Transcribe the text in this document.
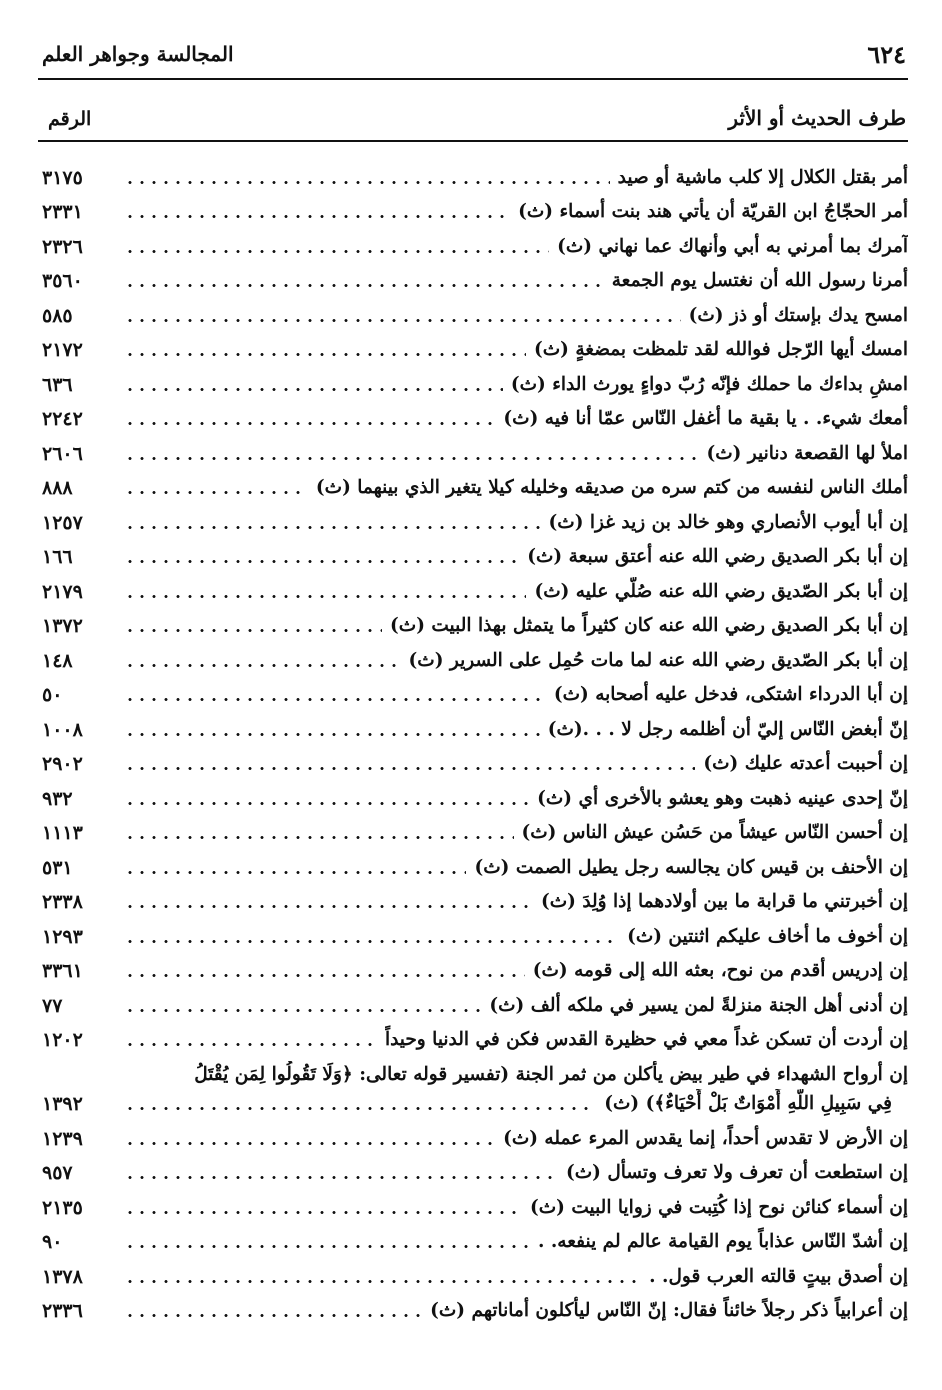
٦٢٤
المجالسة وجواهر العلم
طرف الحديث أو الأثر
الرقم
أمر بقتل الكلال إلا كلب ماشية أو صيد
٣١٧٥
أمر الحجّاجُ ابن القريّة أن يأتي هند بنت أسماء (ث)
٢٣٣١
آمرك بما أمرني به أبي وأنهاك عما نهاني (ث)
٢٣٢٦
أمرنا رسول الله أن نغتسل يوم الجمعة
٣٥٦٠
امسح يدك بإستك أو ذز (ث)
٥٨٥
امسك أيها الرّجل فوالله لقد تلمظت بمضغةٍ (ث)
٢١٧٢
امشِ بداءك ما حملك فإنّه رُبّ دواءٍ يورث الداء (ث)
٦٣٦
أمعك شيء. . يا بقية ما أغفل النّاس عمّا أنا فيه (ث)
٢٢٤٢
املأ لها القصعة دنانير (ث)
٢٦٠٦
أملك الناس لنفسه من كتم سره من صديقه وخليله كيلا يتغير الذي بينهما (ث)
٨٨٨
إن أبا أيوب الأنصاري وهو خالد بن زيد غزا (ث)
١٢٥٧
إن أبا بكر الصديق رضي الله عنه أعتق سبعة (ث)
١٦٦
إن أبا بكر الصّديق رضي الله عنه صُلّي عليه (ث)
٢١٧٩
إن أبا بكر الصديق رضي الله عنه كان كثيراً ما يتمثل بهذا البيت (ث)
١٣٧٢
إن أبا بكر الصّديق رضي الله عنه لما مات حُمِل على السرير (ث)
١٤٨
إن أبا الدرداء اشتكى، فدخل عليه أصحابه (ث)
٥٠
إنّ أبغض النّاس إليّ أن أظلمه رجل لا . . .(ث)
١٠٠٨
إن أحببت أعدته عليك (ث)
٢٩٠٢
إنّ إحدى عينيه ذهبت وهو يعشو بالأخرى أي (ث)
٩٣٢
إن أحسن النّاس عيشاً من حَسُن عيش الناس (ث)
١١١٣
إن الأحنف بن قيس كان يجالسه رجل يطيل الصمت (ث)
٥٣١
إن أخبرتني ما قرابة ما بين أولادهما إذا وُلِدَ (ث)
٢٣٣٨
إن أخوف ما أخاف عليكم اثنتين (ث)
١٢٩٣
إن إدريس أقدم من نوح، بعثه الله إلى قومه (ث)
٣٣٦١
إن أدنى أهل الجنة منزلةً لمن يسير في ملكه ألف (ث)
٧٧
إن أردت أن تسكن غداً معي في حظيرة القدس فكن في الدنيا وحيداً
١٢٠٢
إن أرواح الشهداء في طير بيض يأكلن من ثمر الجنة (تفسير قوله تعالى: ﴿وَلَا تَقُولُوا لِمَن يُقْتَلُ
فِي سَبِيلِ اللَّهِ أَمْوَاتٌ بَلْ أَحْيَاءٌ﴾) (ث)
١٣٩٢
إن الأرض لا تقدس أحداً، إنما يقدس المرء عمله (ث)
١٢٣٩
إن استطعت أن تعرف ولا تعرف وتسأل (ث)
٩٥٧
إن أسماء كنائن نوح إذا كُتِبت في زوايا البيت (ث)
٢١٣٥
إن أشدّ النّاس عذاباً يوم القيامة عالم لم ينفعه. .
٩٠
إن أصدق بيتٍ قالته العرب قول. .
١٣٧٨
إن أعرابياً ذكر رجلاً خائناً فقال: إنّ النّاس ليأكلون أماناتهم (ث)
٢٣٣٦
